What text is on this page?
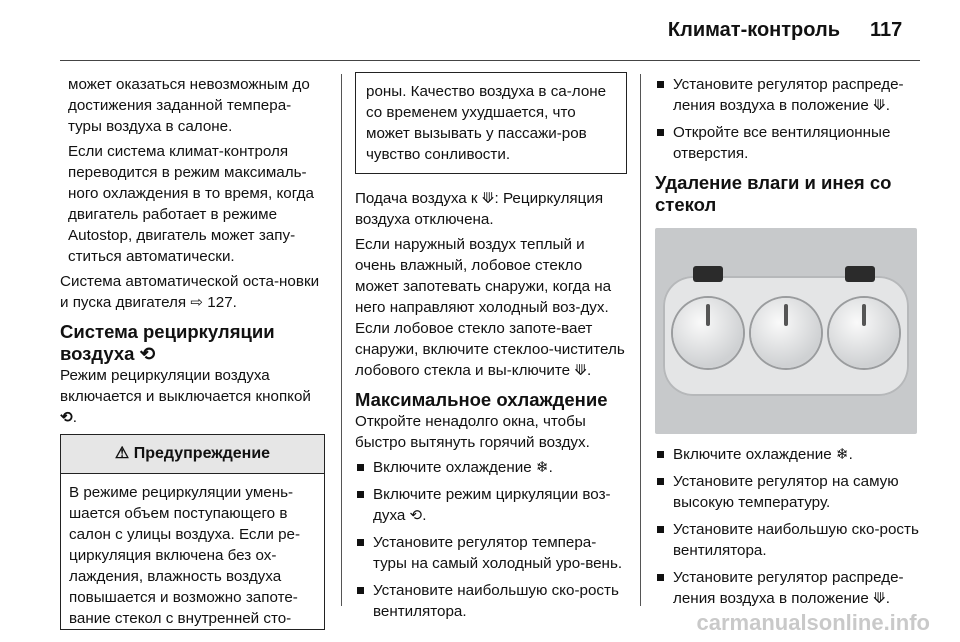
Климат-контроль 117

может оказаться невозможным до достижения заданной темпера-туры воздуха в салоне.

Если система климат-контроля переводится в режим максималь-ного охлаждения в то время, когда двигатель работает в режиме Autostop, двигатель может запу-ститься автоматически.

Система автоматической оста-новки и пуска двигателя ⇨ 127.

Система рециркуляции воздуха ⟲

Режим рециркуляции воздуха включается и выключается кнопкой ⟲.

⚠ Предупреждение
В режиме рециркуляции умень-шается объем поступающего в салон с улицы воздуха. Если ре-циркуляция включена без ох-лаждения, влажность воздуха повышается и возможно запоте-вание стекол с внутренней сто-
роны. Качество воздуха в са-лоне со временем ухудшается, что может вызывать у пассажи-ров чувство сонливости.

Подача воздуха к ⟱: Рециркуляция воздуха отключена.

Если наружный воздух теплый и очень влажный, лобовое стекло может запотевать снаружи, когда на него направляют холодный воз-дух. Если лобовое стекло запоте-вает снаружи, включите стеклоо-чиститель лобового стекла и вы-ключите ⟱.

Максимальное охлаждение

Откройте ненадолго окна, чтобы быстро вытянуть горячий воздух.

Включите охлаждение ❄.
Включите режим циркуляции воз-духа ⟲.
Установите регулятор темпера-туры на самый холодный уро-вень.
Установите наибольшую ско-рость вентилятора.
Установите регулятор распреде-ления воздуха в положение ⟱.
Откройте все вентиляционные отверстия.
Удаление влаги и инея со стекол
Включите охлаждение ❄.
Установите регулятор на самую высокую температуру.
Установите наибольшую ско-рость вентилятора.
Установите регулятор распреде-ления воздуха в положение ⟱.
carmanualsonline.info
